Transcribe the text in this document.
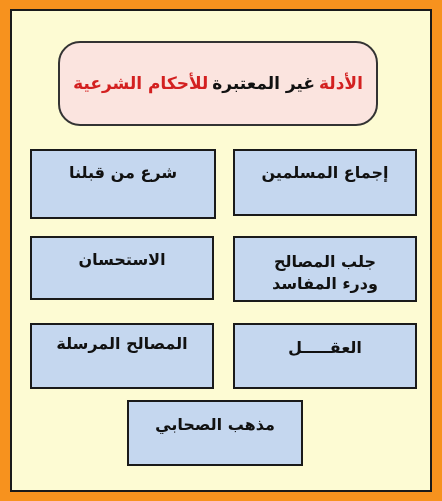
الأدلة
غير المعتبرة
للأحكام الشرعية
إجماع المسلمين
شرع من قبلنا
جلب المصالح
ودرء المفاسد
الاستحسان
العقـــــل
المصالح المرسلة
مذهب الصحابي
